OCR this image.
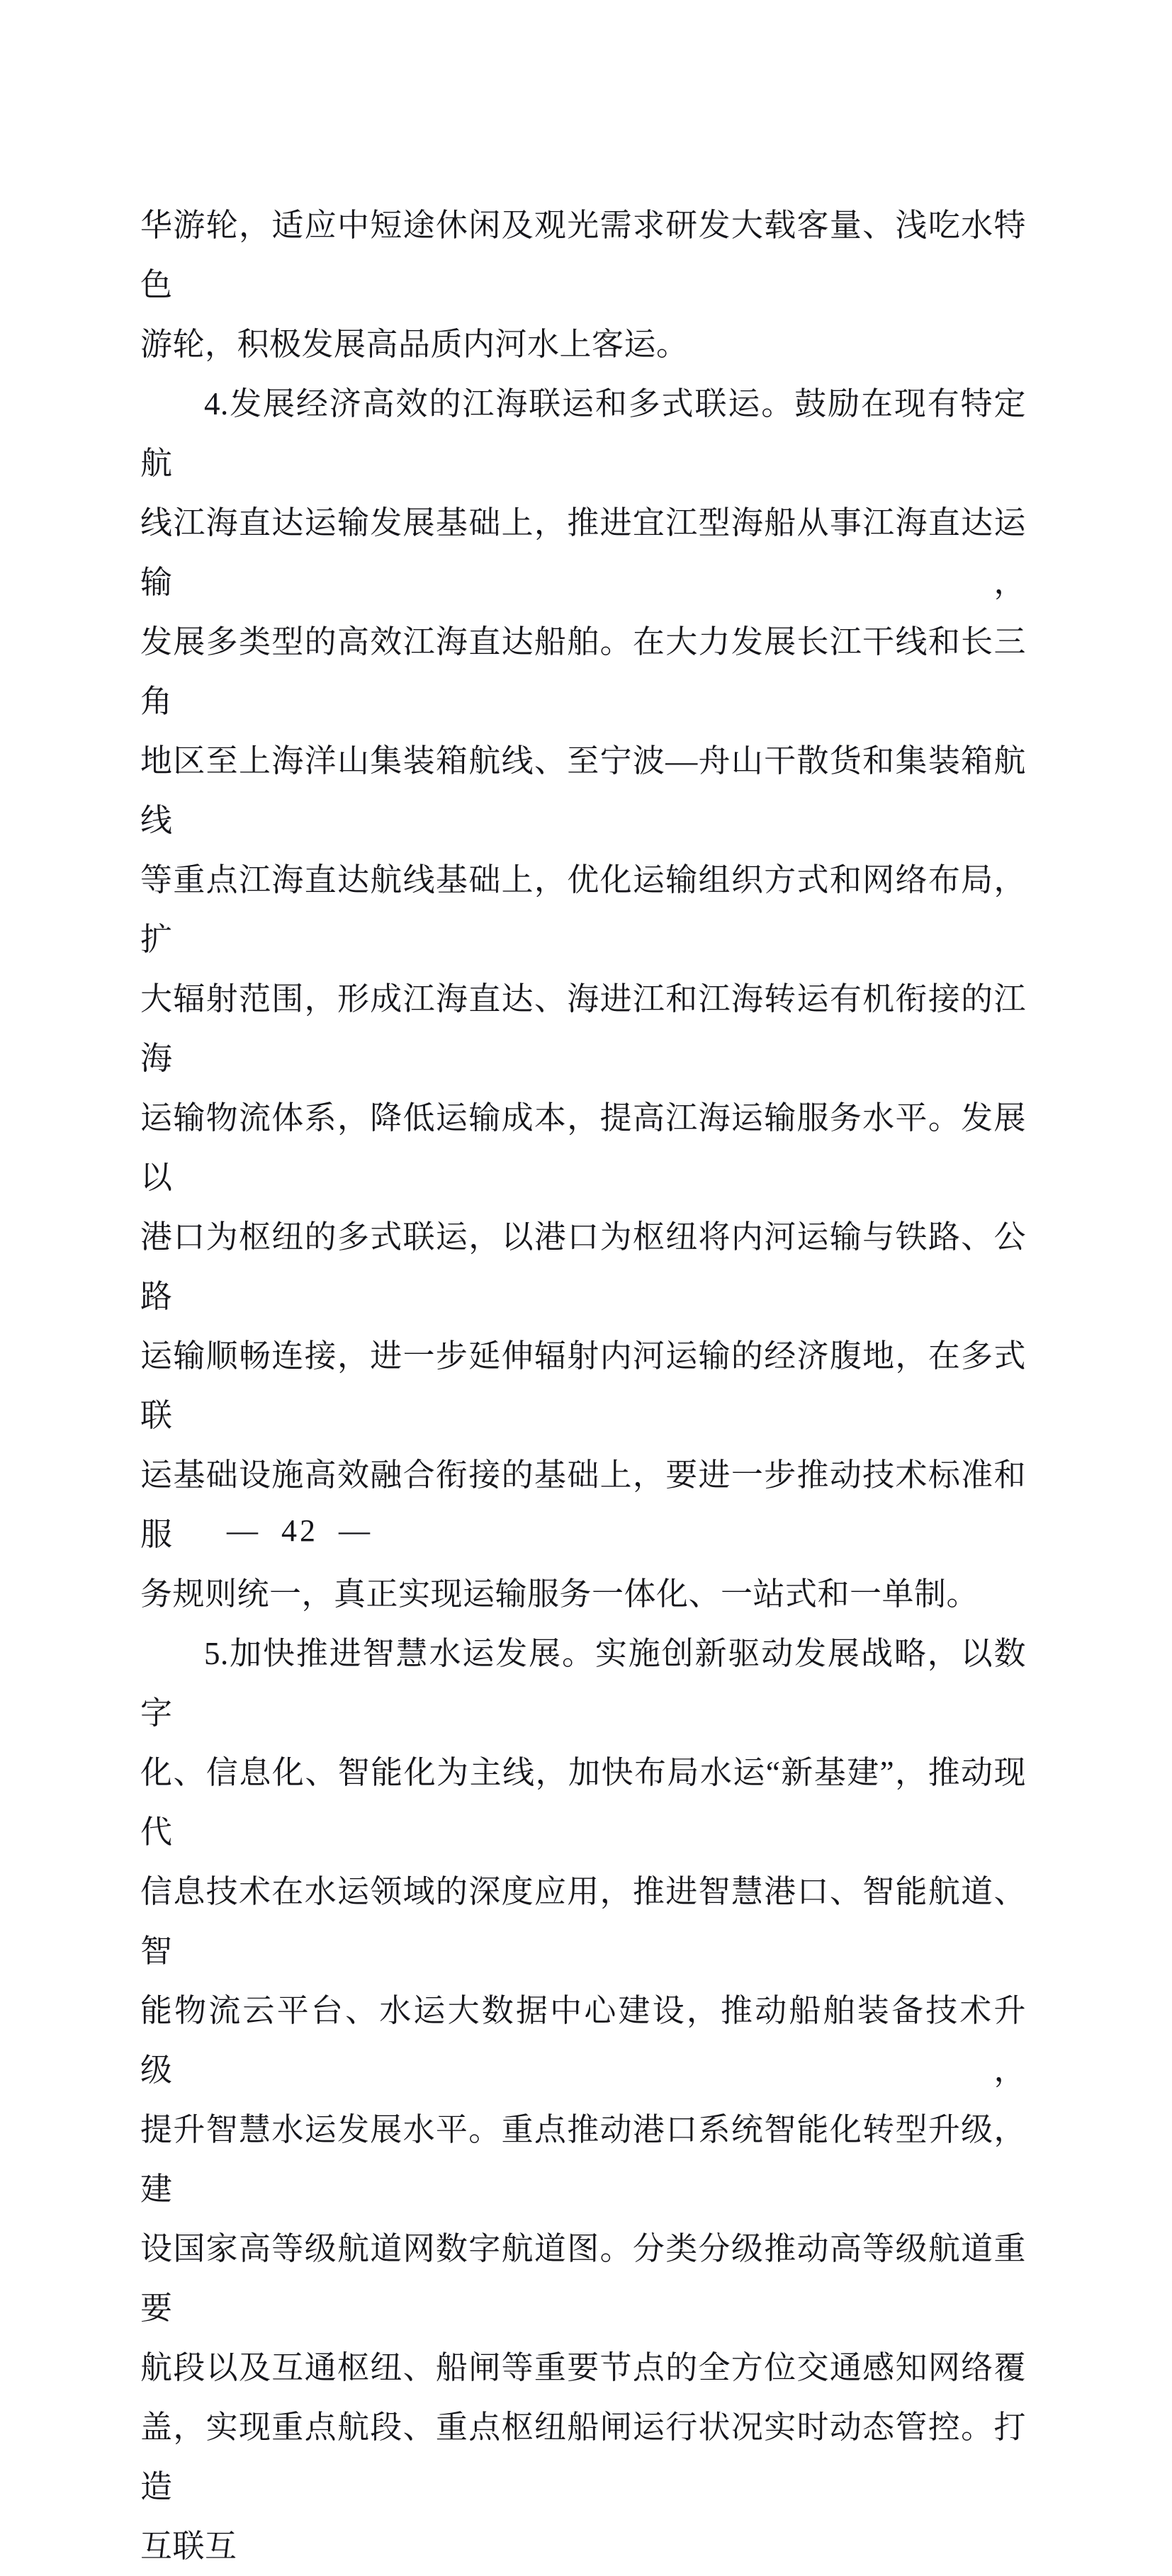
华游轮，适应中短途休闲及观光需求研发大载客量、浅吃水特色
游轮，积极发展高品质内河水上客运。
4.发展经济高效的江海联运和多式联运。鼓励在现有特定航
线江海直达运输发展基础上，推进宜江型海船从事江海直达运输，
发展多类型的高效江海直达船舶。在大力发展长江干线和长三角
地区至上海洋山集装箱航线、至宁波—舟山干散货和集装箱航线
等重点江海直达航线基础上，优化运输组织方式和网络布局，扩
大辐射范围，形成江海直达、海进江和江海转运有机衔接的江海
运输物流体系，降低运输成本，提高江海运输服务水平。发展以
港口为枢纽的多式联运，以港口为枢纽将内河运输与铁路、公路
运输顺畅连接，进一步延伸辐射内河运输的经济腹地，在多式联
运基础设施高效融合衔接的基础上，要进一步推动技术标准和服
务规则统一，真正实现运输服务一体化、一站式和一单制。
5.加快推进智慧水运发展。实施创新驱动发展战略，以数字
化、信息化、智能化为主线，加快布局水运“新基建”，推动现代
信息技术在水运领域的深度应用，推进智慧港口、智能航道、智
能物流云平台、水运大数据中心建设，推动船舶装备技术升级，
提升智慧水运发展水平。重点推动港口系统智能化转型升级，建
设国家高等级航道网数字航道图。分类分级推动高等级航道重要
航段以及互通枢纽、船闸等重要节点的全方位交通感知网络覆
盖，实现重点航段、重点枢纽船闸运行状况实时动态管控。打造
互联互
— 42 —
